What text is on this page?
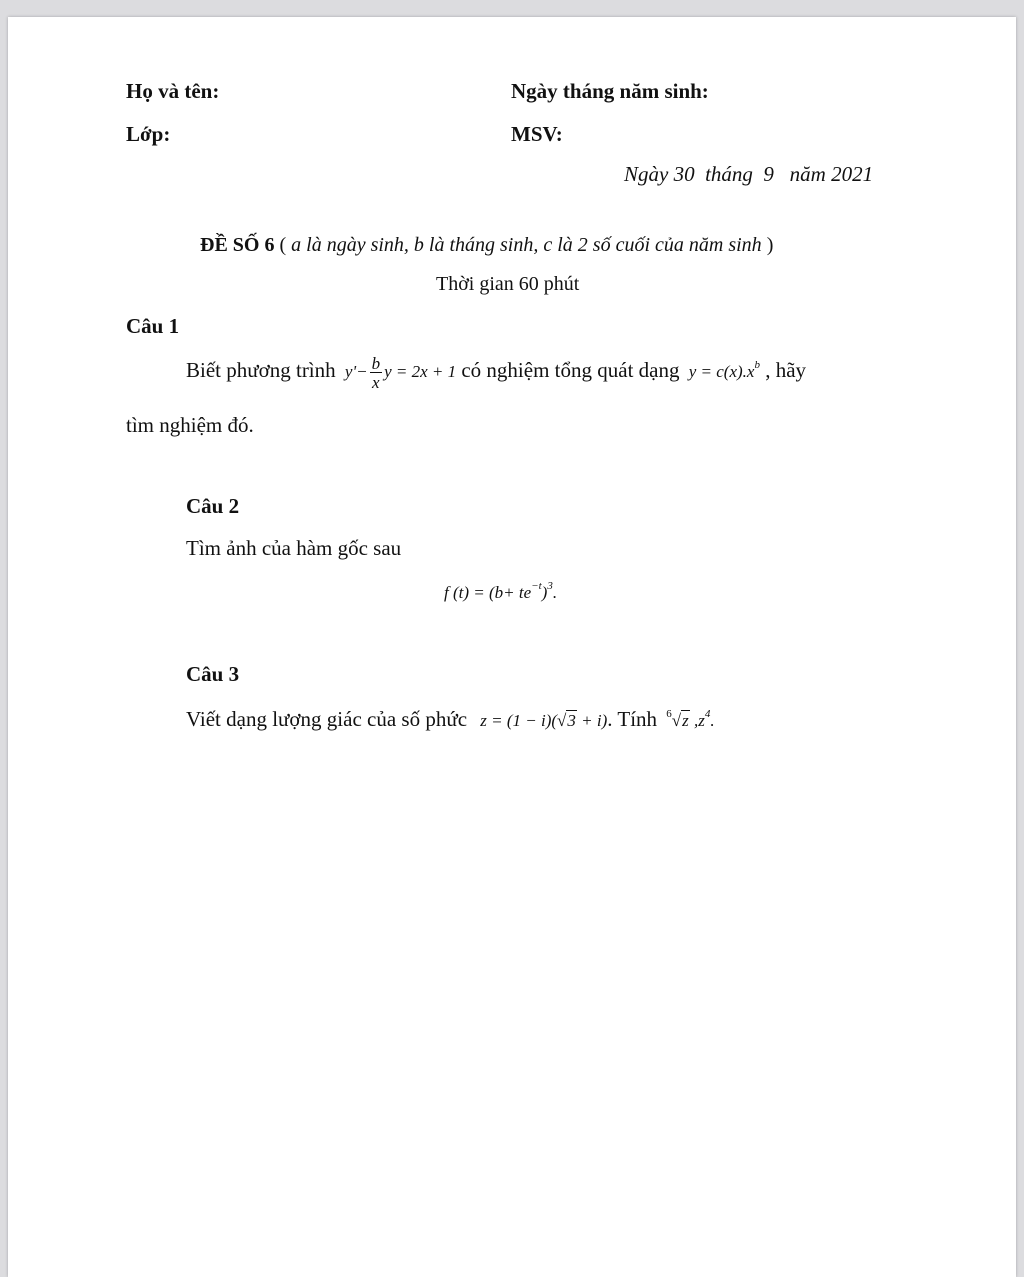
Họ và tên:	Ngày tháng năm sinh:
Lớp:	MSV:
Ngày 30  tháng  9   năm 2021
ĐỀ SỐ 6 ( a là ngày sinh, b là tháng sinh, c là 2 số cuối của năm sinh )
Thời gian 60 phút
Câu 1
Biết phương trình $y'- \frac{b}{x}$ y = 2x + 1 có nghiệm tổng quát dạng $y = c(x).x^b$ , hãy
tìm nghiệm đó.
Câu 2
Tìm ảnh của hàm gốc sau
f $(t) = (b+ te^{-t})^3$.
Câu 3
Viết dạng lượng giác của số phức z = (1 − i)(√3 + i). Tính $^6$√z $,z^4$.
